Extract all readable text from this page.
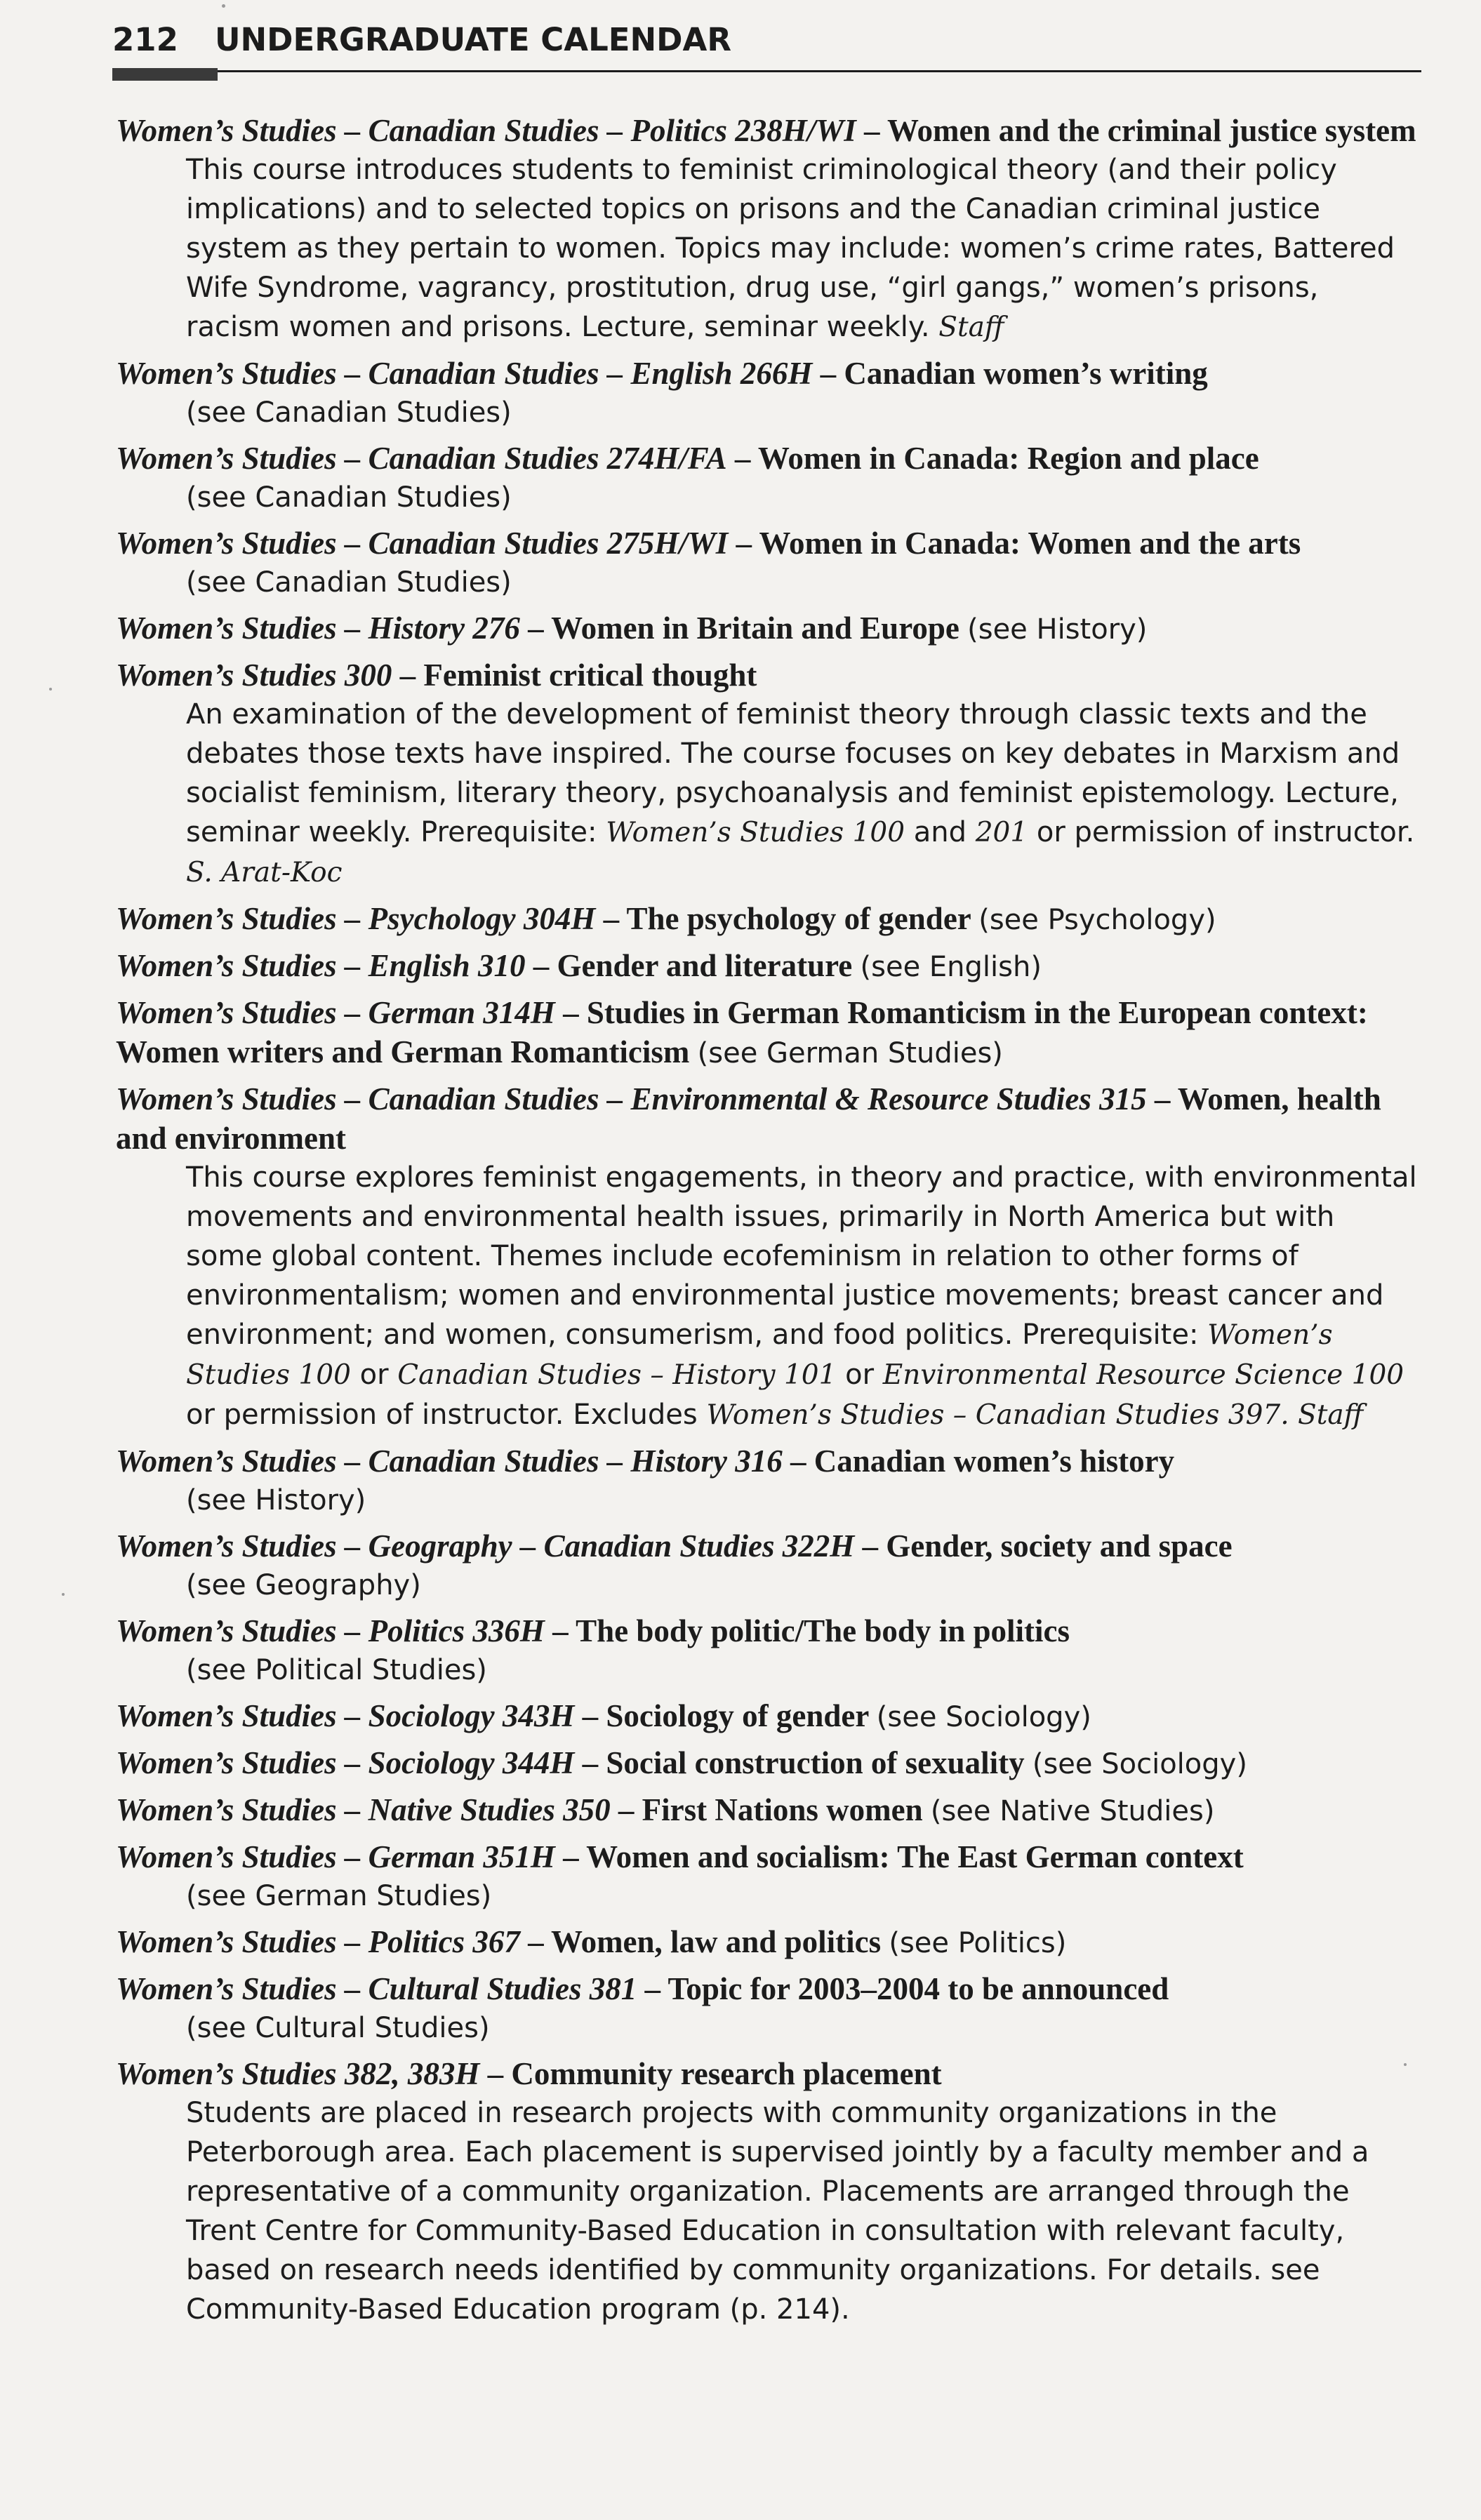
212 UNDERGRADUATE CALENDAR
Women’s Studies – Canadian Studies – Politics 238H/WI – Women and the criminal justice system
This course introduces students to feminist criminological theory (and their policy implications) and to selected topics on prisons and the Canadian criminal justice system as they pertain to women. Topics may include: women’s crime rates, Battered Wife Syndrome, vagrancy, prostitution, drug use, “girl gangs,” women’s prisons, racism women and prisons. Lecture, seminar weekly. Staff
Women’s Studies – Canadian Studies – English 266H – Canadian women’s writing
(see Canadian Studies)
Women’s Studies – Canadian Studies 274H/FA – Women in Canada: Region and place
(see Canadian Studies)
Women’s Studies – Canadian Studies 275H/WI – Women in Canada: Women and the arts
(see Canadian Studies)
Women’s Studies – History 276 – Women in Britain and Europe (see History)
Women’s Studies 300 – Feminist critical thought
An examination of the development of feminist theory through classic texts and the debates those texts have inspired. The course focuses on key debates in Marxism and socialist feminism, literary theory, psychoanalysis and feminist epistemology. Lecture, seminar weekly. Prerequisite: Women’s Studies 100 and 201 or permission of instructor. S. Arat-Koc
Women’s Studies – Psychology 304H – The psychology of gender (see Psychology)
Women’s Studies – English 310 – Gender and literature (see English)
Women’s Studies – German 314H – Studies in German Romanticism in the European context: Women writers and German Romanticism (see German Studies)
Women’s Studies – Canadian Studies – Environmental & Resource Studies 315 – Women, health and environment
This course explores feminist engagements, in theory and practice, with environmental movements and environmental health issues, primarily in North America but with some global content. Themes include ecofeminism in relation to other forms of environmentalism; women and environmental justice movements; breast cancer and environment; and women, consumerism, and food politics. Prerequisite: Women’s Studies 100 or Canadian Studies – History 101 or Environmental Resource Science 100 or permission of instructor. Excludes Women’s Studies – Canadian Studies 397. Staff
Women’s Studies – Canadian Studies – History 316 – Canadian women’s history
(see History)
Women’s Studies – Geography – Canadian Studies 322H – Gender, society and space
(see Geography)
Women’s Studies – Politics 336H – The body politic/The body in politics
(see Political Studies)
Women’s Studies – Sociology 343H – Sociology of gender (see Sociology)
Women’s Studies – Sociology 344H – Social construction of sexuality (see Sociology)
Women’s Studies – Native Studies 350 – First Nations women (see Native Studies)
Women’s Studies – German 351H – Women and socialism: The East German context
(see German Studies)
Women’s Studies – Politics 367 – Women, law and politics (see Politics)
Women’s Studies – Cultural Studies 381 – Topic for 2003–2004 to be announced
(see Cultural Studies)
Women’s Studies 382, 383H – Community research placement
Students are placed in research projects with community organizations in the Peterborough area. Each placement is supervised jointly by a faculty member and a representative of a community organization. Placements are arranged through the Trent Centre for Community-Based Education in consultation with relevant faculty, based on research needs identified by community organizations. For details. see Community-Based Education program (p. 214).
